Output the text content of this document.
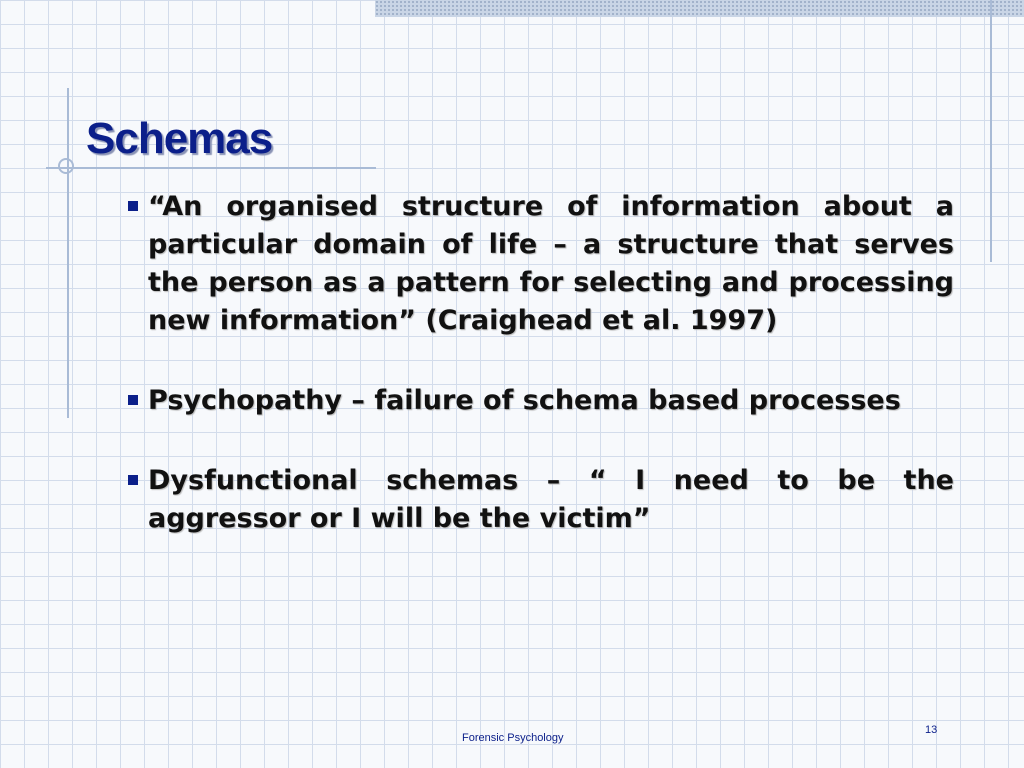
Schemas
“An organised structure of information about a particular domain of life – a structure that serves the person as a pattern for selecting and processing new information” (Craighead et al. 1997)
Psychopathy – failure of schema based processes
Dysfunctional schemas – “ I need to be the aggressor or I will be the victim”
Forensic Psychology
13
